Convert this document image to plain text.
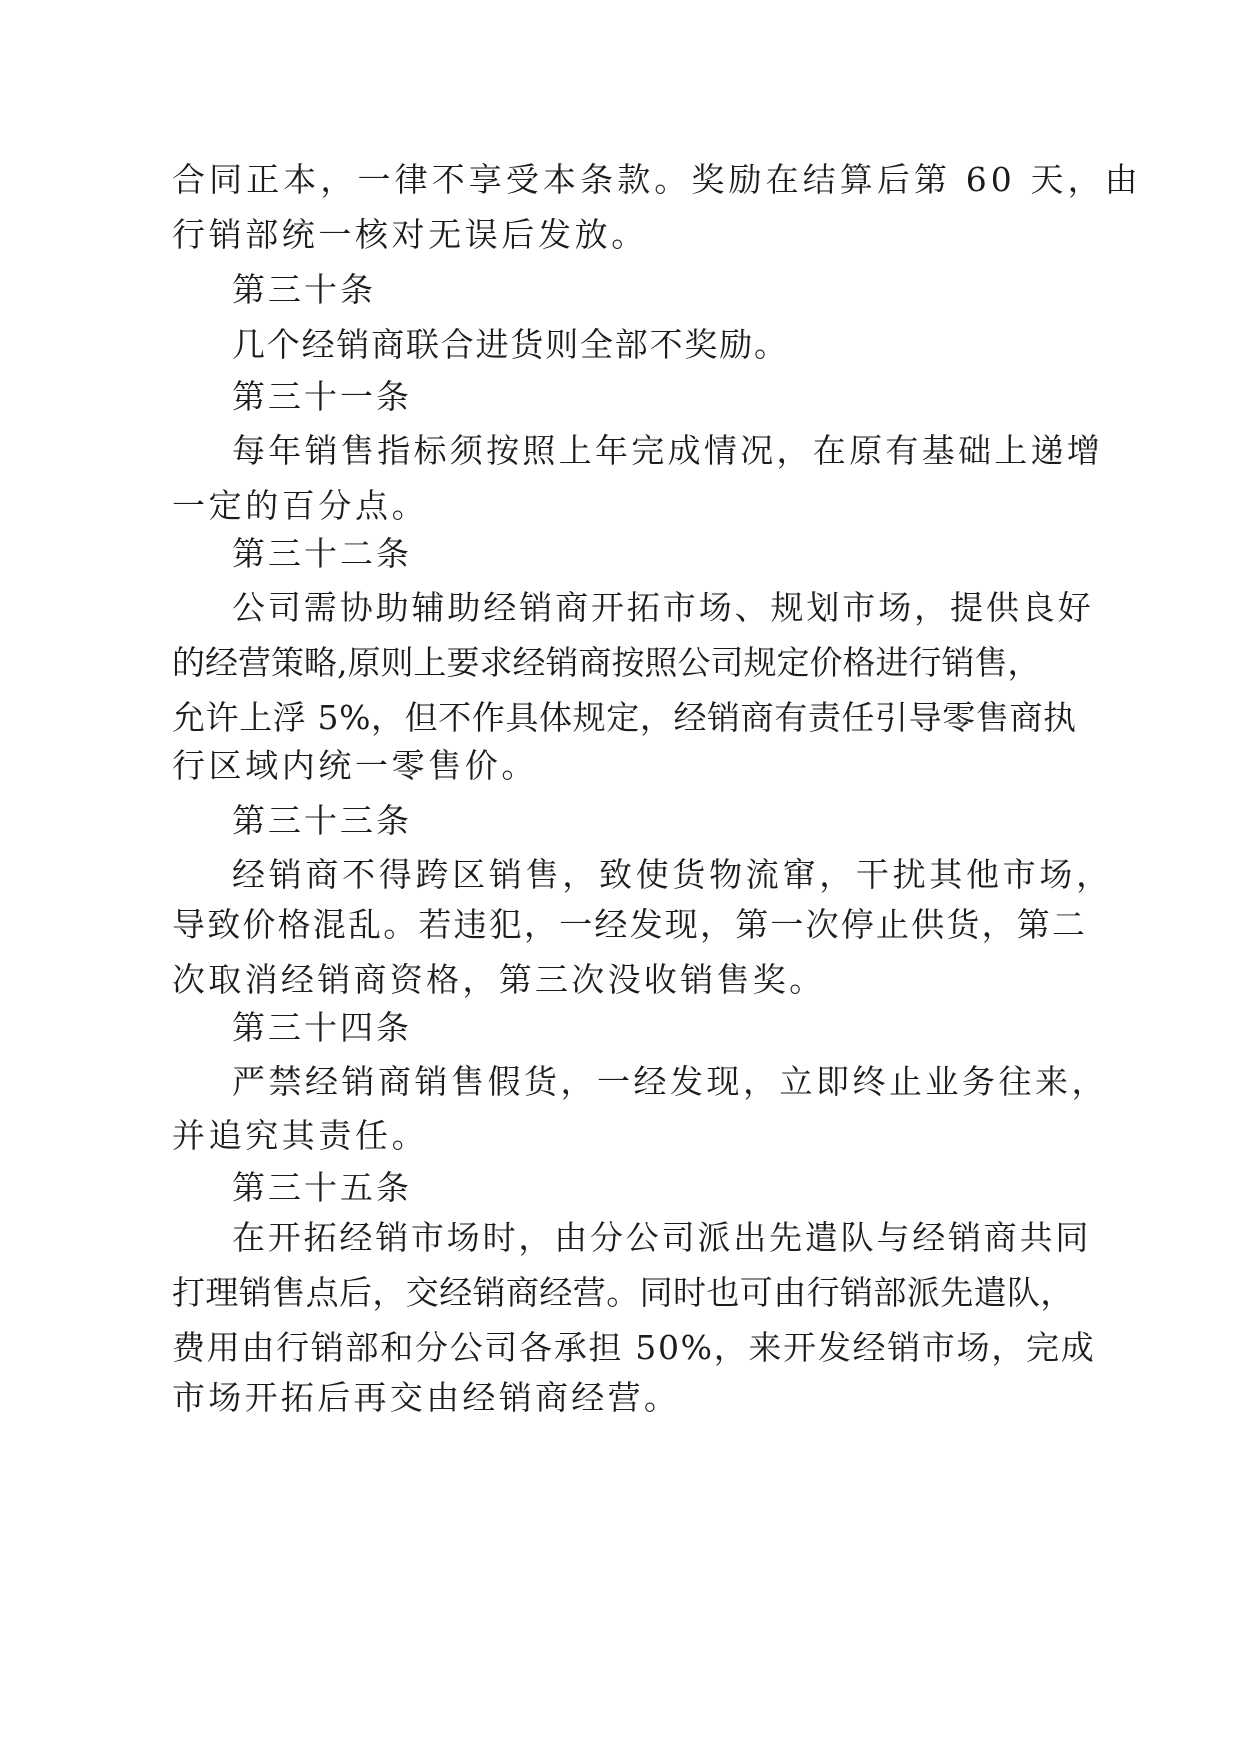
合同正本，一律不享受本条款。奖励在结算后第 60 天，由
行销部统一核对无误后发放。
第三十条
几个经销商联合进货则全部不奖励。
第三十一条
每年销售指标须按照上年完成情况，在原有基础上递增
一定的百分点。
第三十二条
公司需协助辅助经销商开拓市场、规划市场，提供良好
的经营策略,原则上要求经销商按照公司规定价格进行销售，
允许上浮 5%，但不作具体规定，经销商有责任引导零售商执
行区域内统一零售价。
第三十三条
经销商不得跨区销售，致使货物流窜，干扰其他市场，
导致价格混乱。若违犯，一经发现，第一次停止供货，第二
次取消经销商资格，第三次没收销售奖。
第三十四条
严禁经销商销售假货，一经发现，立即终止业务往来，
并追究其责任。
第三十五条
在开拓经销市场时，由分公司派出先遣队与经销商共同
打理销售点后，交经销商经营。同时也可由行销部派先遣队，
费用由行销部和分公司各承担 50%，来开发经销市场，完成
市场开拓后再交由经销商经营。
